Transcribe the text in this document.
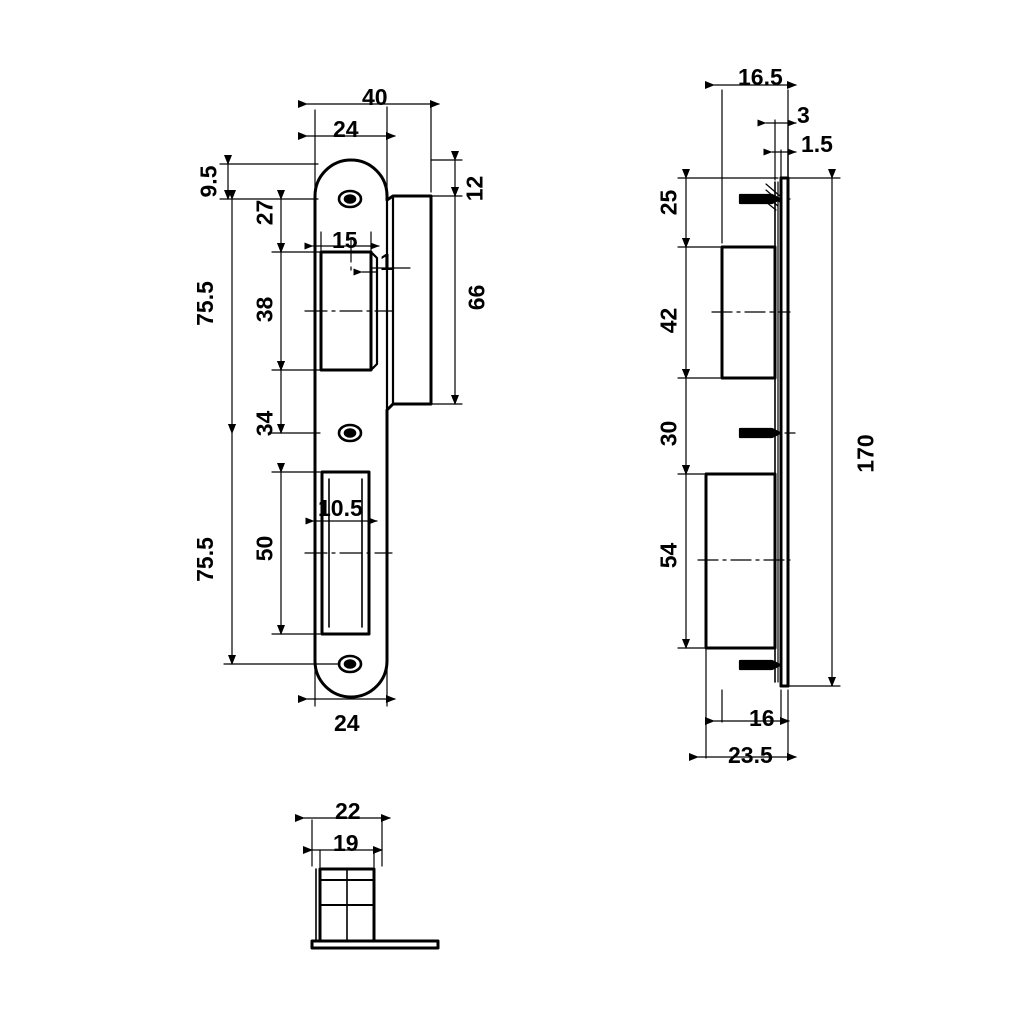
40
24
9.5
27
12
15
1
75.5 38	66
34
10.5
75.5 50
24
16.5
3
1.5
25
42
30
54
170
16
23.5
22
19
